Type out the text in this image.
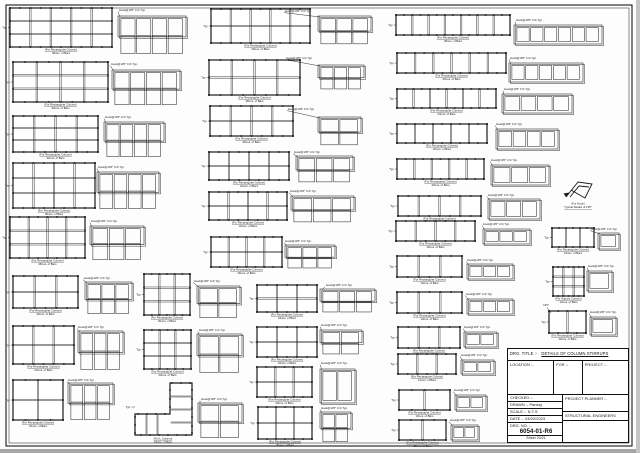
Typ.
(For Rectangular Column)
36nos. of Bars
Hook@135° C/C Typ.
Typ.
(For Rectangular Column)
34nos. of Bars
Hook@135° C/C Typ.
Typ.
(For Rectangular Column)
32nos. of Bars
Hook@135° C/C Typ.
Typ.
(For Rectangular Column)
30nos. of Bars
Hook@135° C/C Typ.
Typ.
(For Rectangular Column)
28nos. of Bars
Hook@135° C/C Typ.
Typ.
(For Rectangular Column)
26nos. of Bars
Hook@135° C/C Typ.
Typ.
(For Rectangular Column)
24nos. of Bars
Hook@135° C/C Typ.
Typ.
(For Rectangular Column)
22nos. of Bars
Hook@135° C/C Typ.
Typ.
(For Rectangular Column)
30nos. of Bars
Hook@135° C/C Typ.
Typ.
(For Rectangular Column)
28nos. of Bars
Hook@135° C/C Typ.
Typ.
(For Rectangular Column)
26nos. of Bars
Hook@135° C/C Typ.
Typ.
(For Rectangular Column)
24nos. of Bars
Hook@135° C/C Typ.
Typ.
(For Rectangular Column)
22nos. of Bars
Hook@135° C/C Typ.
Typ.
(For Rectangular Column)
20nos. of Bars
Hook@135° C/C Typ.
Typ.
(For Rectangular Column)
20nos. of Bars
Hook@135° C/C Typ.
Typ.
(For L Column)
18nos. of Bars
Hook@135° C/C Typ.
Typ.
(For Rectangular Column)
26nos. of Bars
Hook@135° C/C Typ.
Typ.
(For Rectangular Column)
24nos. of Bars
Hook@135° C/C Typ.
Typ.
(For Rectangular Column)
22nos. of Bars
Hook@135° C/C Typ.
Typ.
(For Rectangular Column)
20nos. of Bars
Hook@135° C/C Typ.
Typ.
(For Rectangular Column)
20nos. of Bars
Hook@135° C/C Typ.
Typ.
(For Rectangular Column)
28nos. of Bars
Hook@135° C/C Typ.
Typ.
(For Rectangular Column)
26nos. of Bars
Hook@135° C/C Typ.
Typ.
(For Rectangular Column)
24nos. of Bars
Hook@135° C/C Typ.
Typ.
(For Rectangular Column)
22nos. of Bars
Hook@135° C/C Typ.
Typ.
(For Rectangular Column)
20nos. of Bars
Hook@135° C/C Typ.
Typ.
(For Rectangular Column)
Hook@135° C/C Typ.
Typ.
(For Rectangular Column)
16nos. of Bars
Hook@135° C/C Typ.
Typ.
(For Rectangular Column)
14nos. of Bars
Hook@135° C/C Typ.
Typ.
(For Rectangular Column)
14nos. of Bars
Hook@135° C/C Typ.
Typ.
(For Rectangular Column)
Hook@135° C/C Typ.
Typ.
(For Rectangular Column)
12nos. of Bars
Hook@135° C/C Typ.
Typ.
(For Rectangular Column)
10nos. of Bars
Hook@135° C/C Typ.
Typ.
(For Rectangular Column)
10nos. of Bars
Hook@135° C/C Typ.
Typ.
(For Rectangular Column)
10nos. of Bars
Hook@135° C/C Typ.
Typ.
(For Square Column)
12nos. of Bars
Hook@135° C/C Typ.
Typ.
(For Rectangular Column)
10nos. of Bars
Hook@135° C/C Typ.
135°
(For Hook)
Typical Details of 135°
DRG. TITLE :- DETAILS OF COLUMN STIRRUPS
LOCATION :-	FOR :-	PROJECT :-
CHECKED :-
DRAWN :- Pankaj
SCALE :- N.T.S.
DATE :- 03/02/2023
DRG. NO. :-
6054-01-R6
Sheet 20/21
PROJECT PLANNER :-
STRUCTURAL ENGINEERS
